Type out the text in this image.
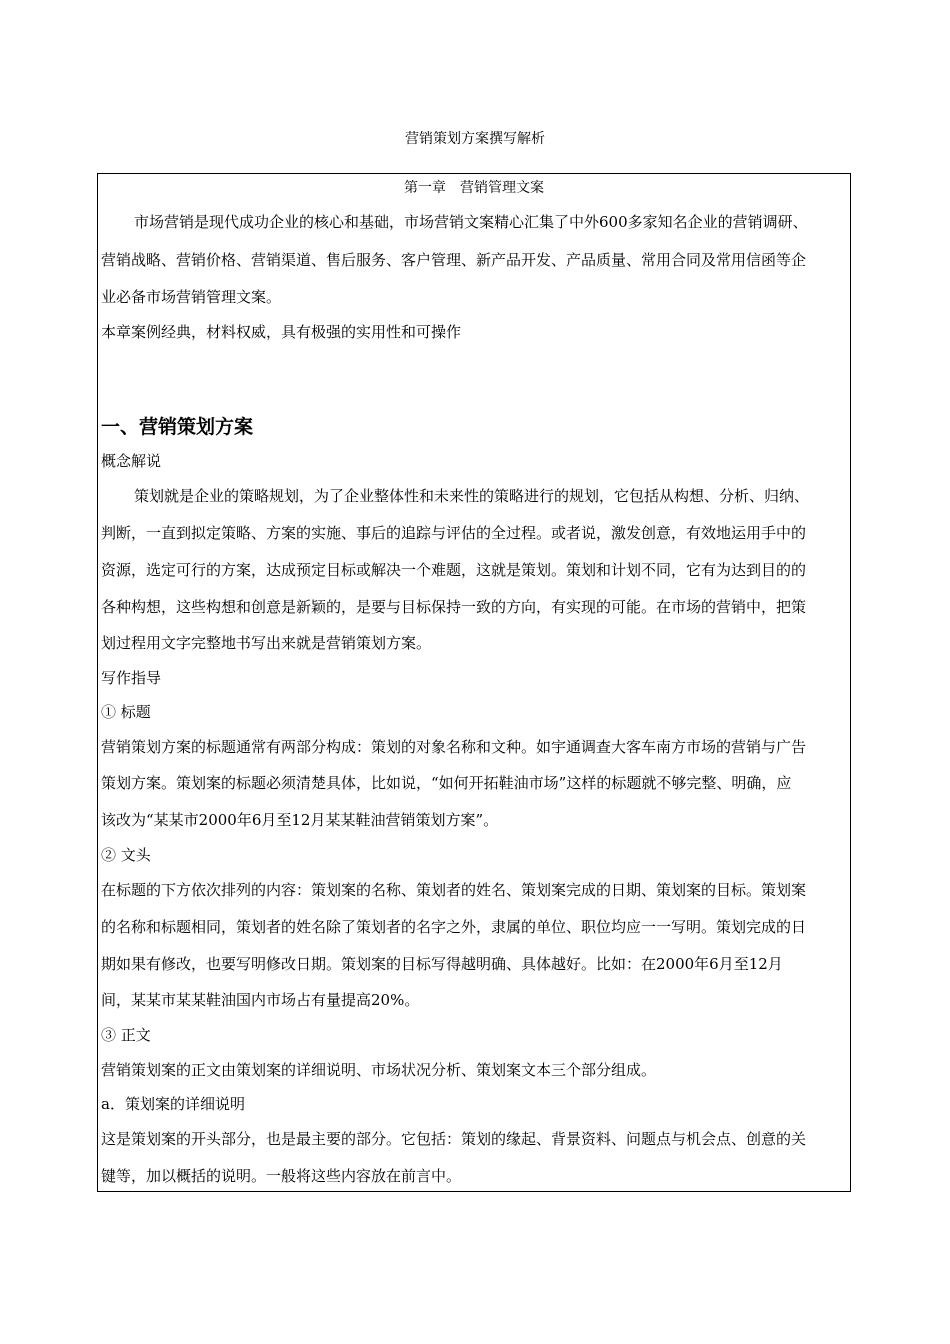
营销策划方案撰写解析
第一章　营销管理文案
市场营销是现代成功企业的核心和基础，市场营销文案精心汇集了中外600多家知名企业的营销调研、
营销战略、营销价格、营销渠道、售后服务、客户管理、新产品开发、产品质量、常用合同及常用信函等企
业必备市场营销管理文案。
本章案例经典，材料权威，具有极强的实用性和可操作
一、营销策划方案
概念解说
策划就是企业的策略规划，为了企业整体性和未来性的策略进行的规划，它包括从构想、分析、归纳、
判断，一直到拟定策略、方案的实施、事后的追踪与评估的全过程。或者说，激发创意，有效地运用手中的
资源，选定可行的方案，达成预定目标或解决一个难题，这就是策划。策划和计划不同，它有为达到目的的
各种构想，这些构想和创意是新颖的，是要与目标保持一致的方向，有实现的可能。在市场的营销中，把策
划过程用文字完整地书写出来就是营销策划方案。
写作指导
① 标题
营销策划方案的标题通常有两部分构成：策划的对象名称和文种。如宇通调查大客车南方市场的营销与广告
策划方案。策划案的标题必须清楚具体，比如说，“如何开拓鞋油市场”这样的标题就不够完整、明确，应
该改为“某某市2000年6月至12月某某鞋油营销策划方案”。
② 文头
在标题的下方依次排列的内容：策划案的名称、策划者的姓名、策划案完成的日期、策划案的目标。策划案
的名称和标题相同，策划者的姓名除了策划者的名字之外，隶属的单位、职位均应一一写明。策划完成的日
期如果有修改，也要写明修改日期。策划案的目标写得越明确、具体越好。比如：在2000年6月至12月
间，某某市某某鞋油国内市场占有量提高20%。
③ 正文
营销策划案的正文由策划案的详细说明、市场状况分析、策划案文本三个部分组成。
a．策划案的详细说明
这是策划案的开头部分，也是最主要的部分。它包括：策划的缘起、背景资料、问题点与机会点、创意的关
键等，加以概括的说明。一般将这些内容放在前言中。
